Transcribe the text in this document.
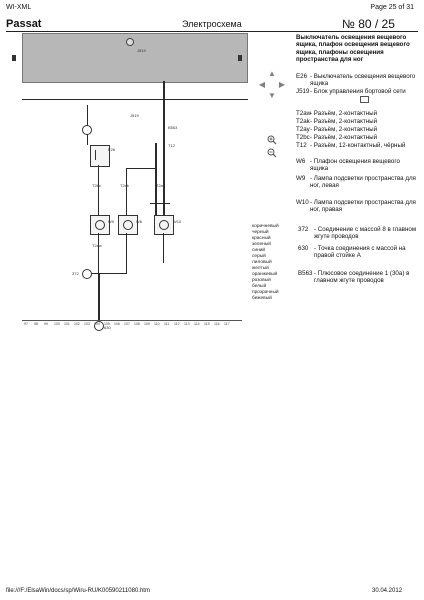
WI-XML	Page 25 of 31
Passat	Электросхема	№ 80 / 25
J519
J519
E26
W6
W9	W10
T12
T2bc	T2ak	T2ay
T2aw
372
630
B563
97 98 99 100 101 102 103 104 105 106 107 108 109 110 111 112 113 114 115 116 117
▲
◀	▶
▼
Выключатель освещения вещевого ящика, плафон освещения вещевого ящика, плафоны освещения пространства для ног
E26 - Выключатель освещения вещевого ящика
J519 - Блок управления бортовой сети
T2aw
- Разъём, 2-контактный
T2ak - Разъём, 2-контактный
T2ay - Разъём, 2-контактный
T2bc - Разъём, 2-контактный
T12 - Разъём, 12-контактный, чёрный
W6 - Плафон освещения вещевого ящика
W9 - Лампа подсветки пространства для ног, левая
W10 - Лампа подсветки пространства для ног, правая
372 - Соединение с массой 8 в главном жгуте проводов
630 - Точка соединения с массой на правой стойке A
B563 - Плюсовое соединение 1 (30a) в главном жгуте проводов
коричневый
черный
красный
зеленый
синий
серый
лиловый
желтый
оранжевый
розовый
белый
прозрачный
бежевый
file:///F:/ElsaWin/docs/sp/Wiru-RU/K00590211080.htm	30.04.2012
